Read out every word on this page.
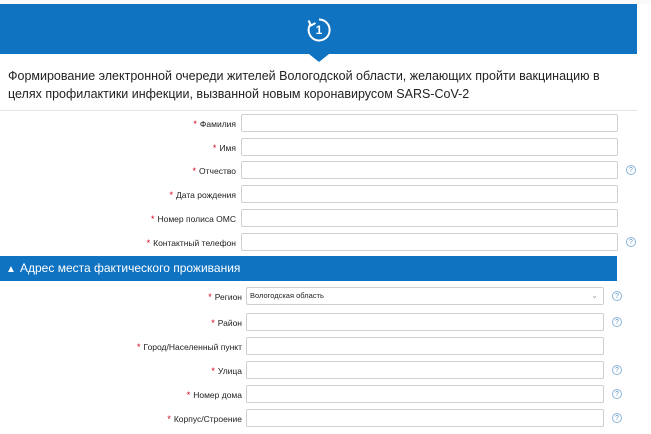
1
Формирование электронной очереди жителей Вологодской области, желающих пройти вакцинацию в целях профилактики инфекции, вызванной новым коронавирусом SARS-CoV-2
* Фамилия
* Имя
* Отчество	?
* Дата рождения
* Номер полиса ОМС
* Контактный телефон	?
▲ Адрес места фактического проживания
* Регион	Вологодская область	⌄	?
* Район	?
* Город/Населенный пункт
* Улица	?
* Номер дома	?
* Корпус/Строение	?
